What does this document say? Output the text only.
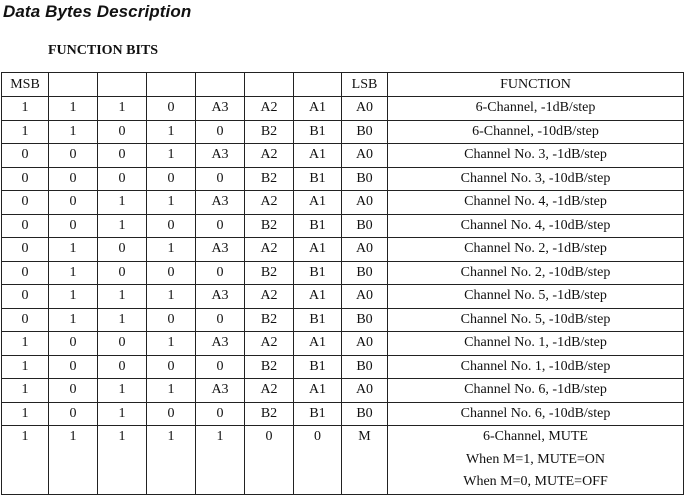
Data Bytes Description
FUNCTION BITS
MSB							LSB	FUNCTION
1	1	1	0	A3	A2	A1	A0	6-Channel, -1dB/step

1	1	0	1	0	B2	B1	B0	6-Channel, -10dB/step

0	0	0	1	A3	A2	A1	A0	Channel No. 3, -1dB/step

0	0	0	0	0	B2	B1	B0	Channel No. 3, -10dB/step

0	0	1	1	A3	A2	A1	A0	Channel No. 4, -1dB/step

0	0	1	0	0	B2	B1	B0	Channel No. 4, -10dB/step

0	1	0	1	A3	A2	A1	A0	Channel No. 2, -1dB/step

0	1	0	0	0	B2	B1	B0	Channel No. 2, -10dB/step

0	1	1	1	A3	A2	A1	A0	Channel No. 5, -1dB/step

0	1	1	0	0	B2	B1	B0	Channel No. 5, -10dB/step

1	0	0	1	A3	A2	A1	A0	Channel No. 1, -1dB/step

1	0	0	0	0	B2	B1	B0	Channel No. 1, -10dB/step

1	0	1	1	A3	A2	A1	A0	Channel No. 6, -1dB/step

1	0	1	0	0	B2	B1	B0	Channel No. 6, -10dB/step

1	1	1	1	1	0	0	M	6-Channel, MUTE
When M=1, MUTE=ON
When M=0, MUTE=OFF
